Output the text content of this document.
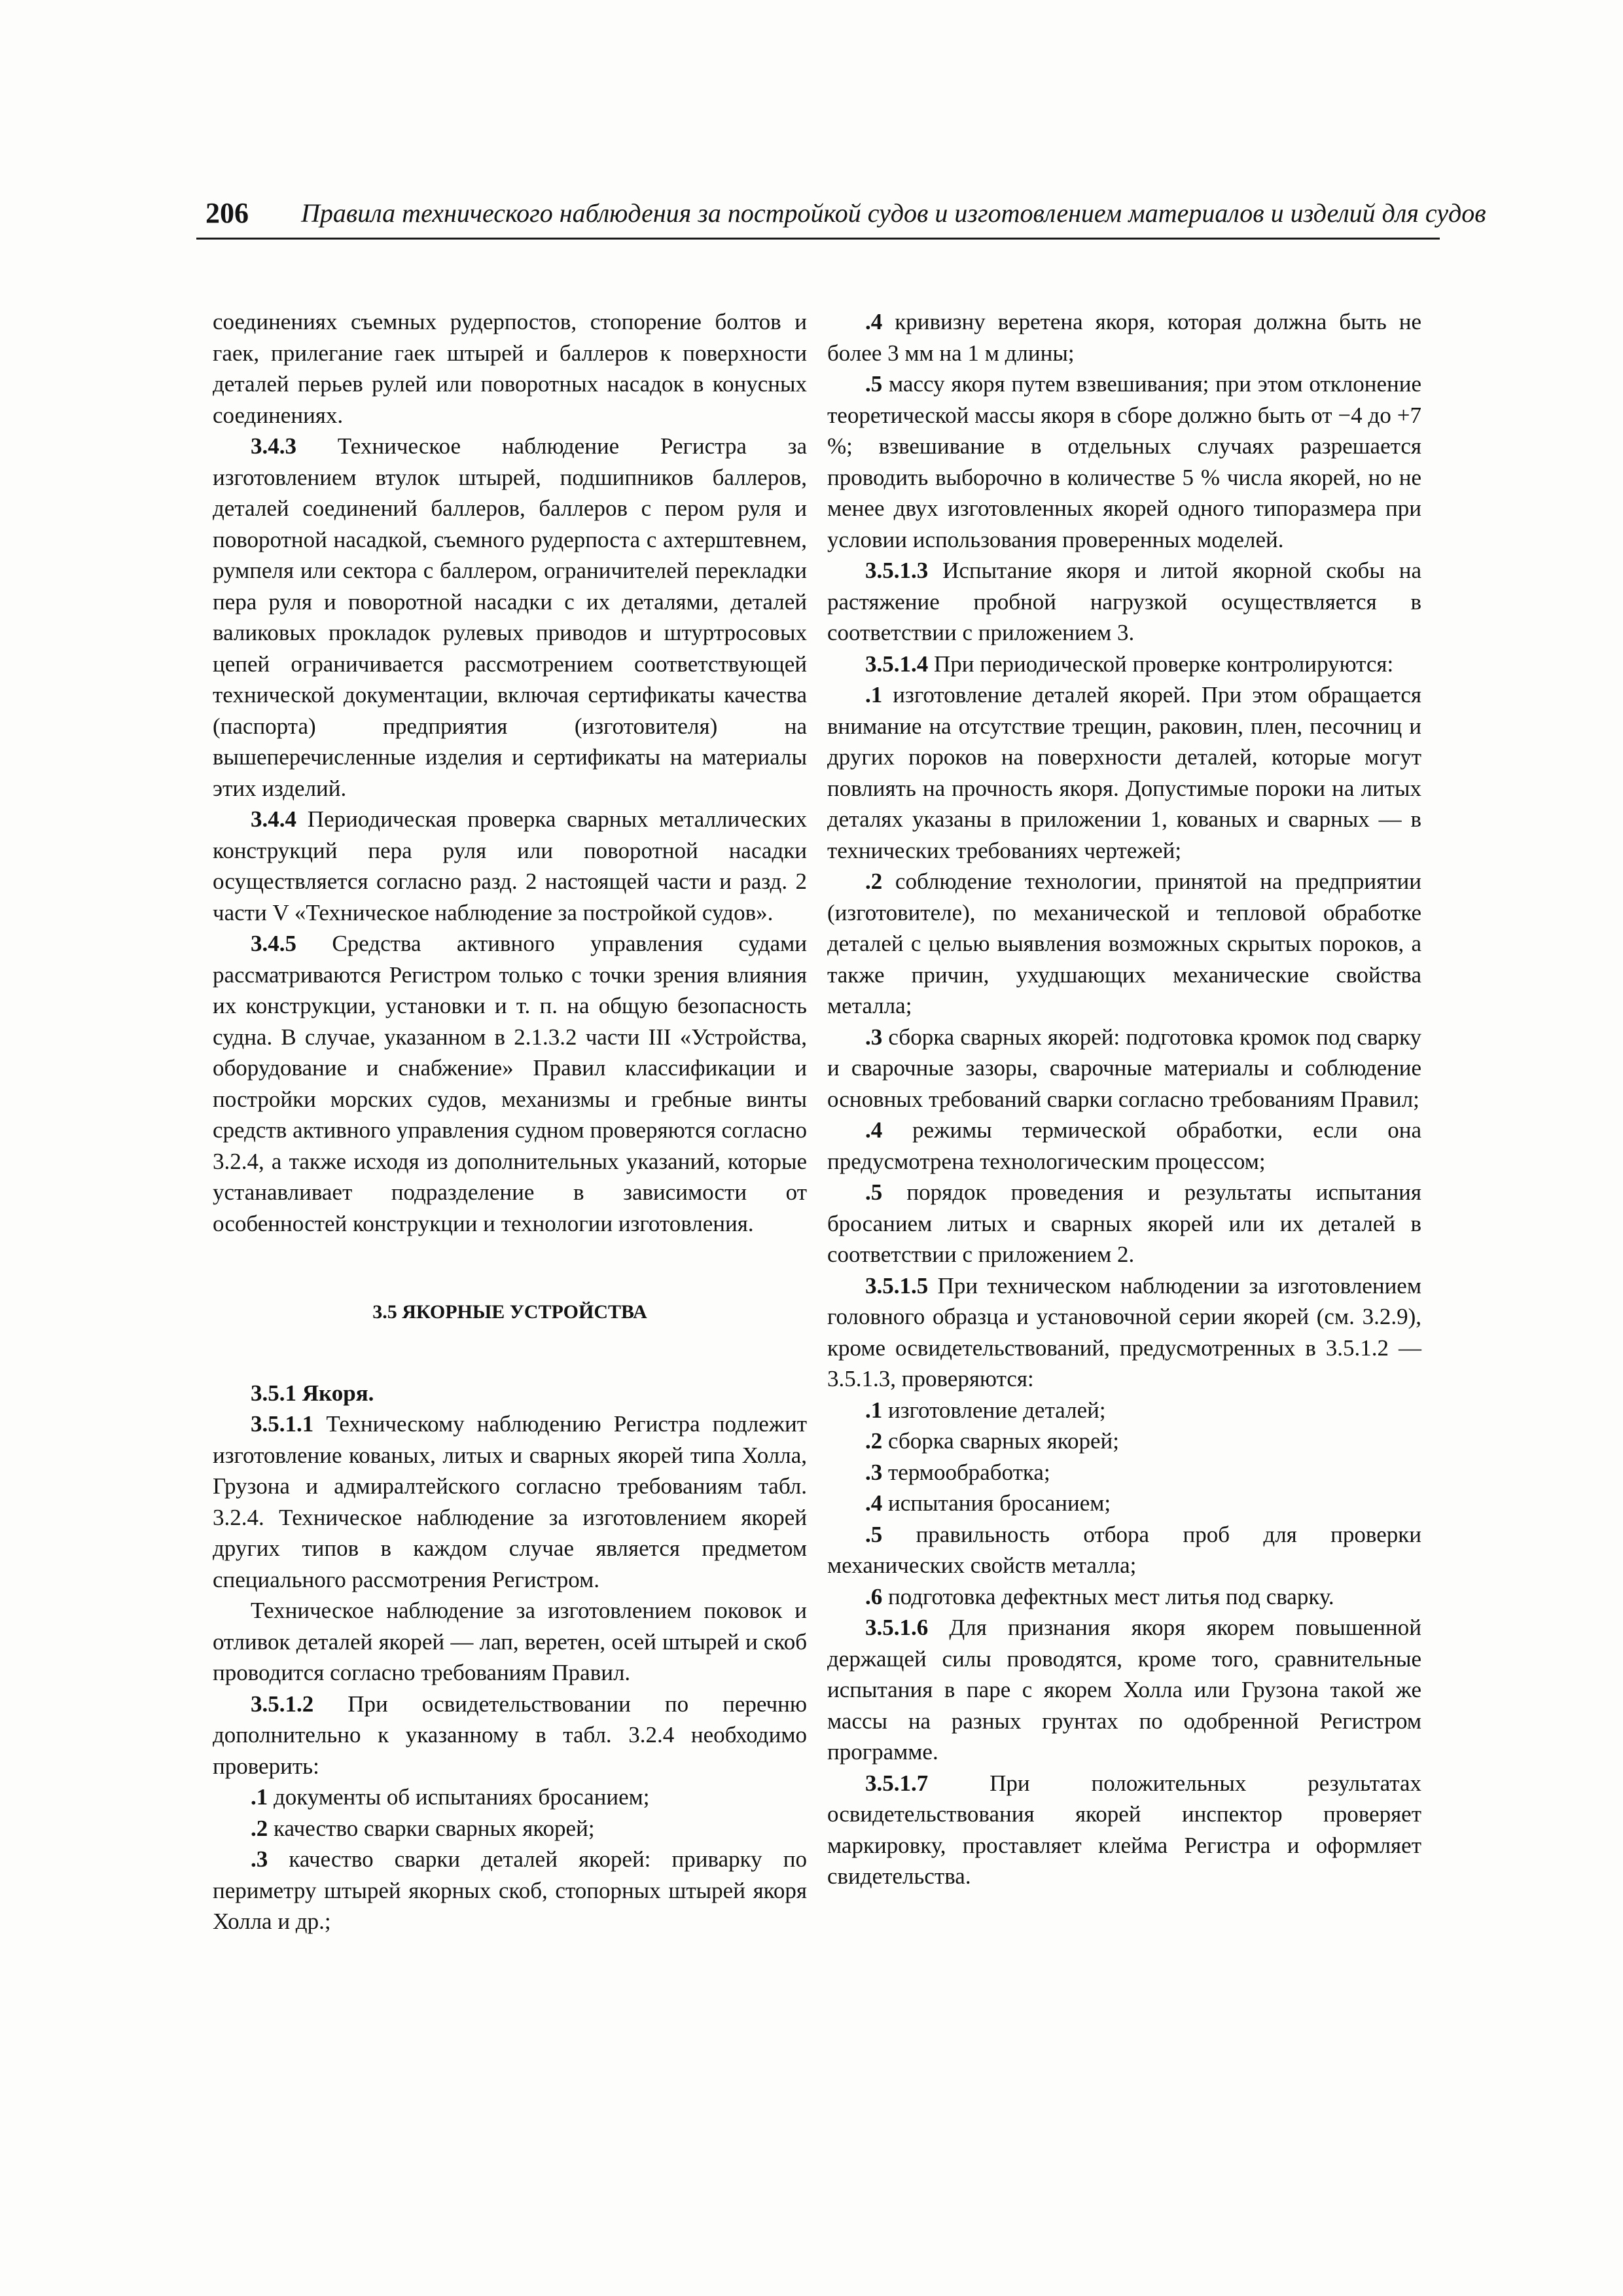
206 Правила технического наблюдения за постройкой судов и изготовлением материалов и изделий для судов

соединениях съемных рудерпостов, стопорение болтов и гаек, прилегание гаек штырей и баллеров к поверхности деталей перьев рулей или поворотных насадок в конусных соединениях.

3.4.3 Техническое наблюдение Регистра за изготовлением втулок штырей, подшипников баллеров, деталей соединений баллеров, баллеров с пером руля и поворотной насадкой, съемного рудерпоста с ахтерштевнем, румпеля или сектора с баллером, ограничителей перекладки пера руля и поворотной насадки с их деталями, деталей валиковых прокладок рулевых приводов и штуртросовых цепей ограничивается рассмотрением соответствующей технической документации, включая сертификаты качества (паспорта) предприятия (изготовителя) на вышеперечисленные изделия и сертификаты на материалы этих изделий.

3.4.4 Периодическая проверка сварных металлических конструкций пера руля или поворотной насадки осуществляется согласно разд. 2 настоящей части и разд. 2 части V «Техническое наблюдение за постройкой судов».

3.4.5 Средства активного управления судами рассматриваются Регистром только с точки зрения влияния их конструкции, установки и т. п. на общую безопасность судна. В случае, указанном в 2.1.3.2 части III «Устройства, оборудование и снабжение» Правил классификации и постройки морских судов, механизмы и гребные винты средств активного управления судном проверяются согласно 3.2.4, а также исходя из дополнительных указаний, которые устанавливает подразделение в зависимости от особенностей конструкции и технологии изготовления.

3.5 ЯКОРНЫЕ УСТРОЙСТВА

3.5.1 Якоря.

3.5.1.1 Техническому наблюдению Регистра подлежит изготовление кованых, литых и сварных якорей типа Холла, Грузона и адмиралтейского согласно требованиям табл. 3.2.4. Техническое наблюдение за изготовлением якорей других типов в каждом случае является предметом специального рассмотрения Регистром.

Техническое наблюдение за изготовлением поковок и отливок деталей якорей — лап, веретен, осей штырей и скоб проводится согласно требованиям Правил.

3.5.1.2 При освидетельствовании по перечню дополнительно к указанному в табл. 3.2.4 необходимо проверить:

.1 документы об испытаниях бросанием;

.2 качество сварки сварных якорей;

.3 качество сварки деталей якорей: приварку по периметру штырей якорных скоб, стопорных штырей якоря Холла и др.;

.4 кривизну веретена якоря, которая должна быть не более 3 мм на 1 м длины;

.5 массу якоря путем взвешивания; при этом отклонение теоретической массы якоря в сборе должно быть от −4 до +7 %; взвешивание в отдельных случаях разрешается проводить выборочно в количестве 5 % числа якорей, но не менее двух изготовленных якорей одного типоразмера при условии использования проверенных моделей.

3.5.1.3 Испытание якоря и литой якорной скобы на растяжение пробной нагрузкой осуществляется в соответствии с приложением 3.

3.5.1.4 При периодической проверке контролируются:

.1 изготовление деталей якорей. При этом обращается внимание на отсутствие трещин, раковин, плен, песочниц и других пороков на поверхности деталей, которые могут повлиять на прочность якоря. Допустимые пороки на литых деталях указаны в приложении 1, кованых и сварных — в технических требованиях чертежей;

.2 соблюдение технологии, принятой на предприятии (изготовителе), по механической и тепловой обработке деталей с целью выявления возможных скрытых пороков, а также причин, ухудшающих механические свойства металла;

.3 сборка сварных якорей: подготовка кромок под сварку и сварочные зазоры, сварочные материалы и соблюдение основных требований сварки согласно требованиям Правил;

.4 режимы термической обработки, если она предусмотрена технологическим процессом;

.5 порядок проведения и результаты испытания бросанием литых и сварных якорей или их деталей в соответствии с приложением 2.

3.5.1.5 При техническом наблюдении за изготовлением головного образца и установочной серии якорей (см. 3.2.9), кроме освидетельствований, предусмотренных в 3.5.1.2 — 3.5.1.3, проверяются:

.1 изготовление деталей;

.2 сборка сварных якорей;

.3 термообработка;

.4 испытания бросанием;

.5 правильность отбора проб для проверки механических свойств металла;

.6 подготовка дефектных мест литья под сварку.

3.5.1.6 Для признания якоря якорем повышенной держащей силы проводятся, кроме того, сравнительные испытания в паре с якорем Холла или Грузона такой же массы на разных грунтах по одобренной Регистром программе.

3.5.1.7 При положительных результатах освидетельствования якорей инспектор проверяет маркировку, проставляет клейма Регистра и оформляет свидетельства.
